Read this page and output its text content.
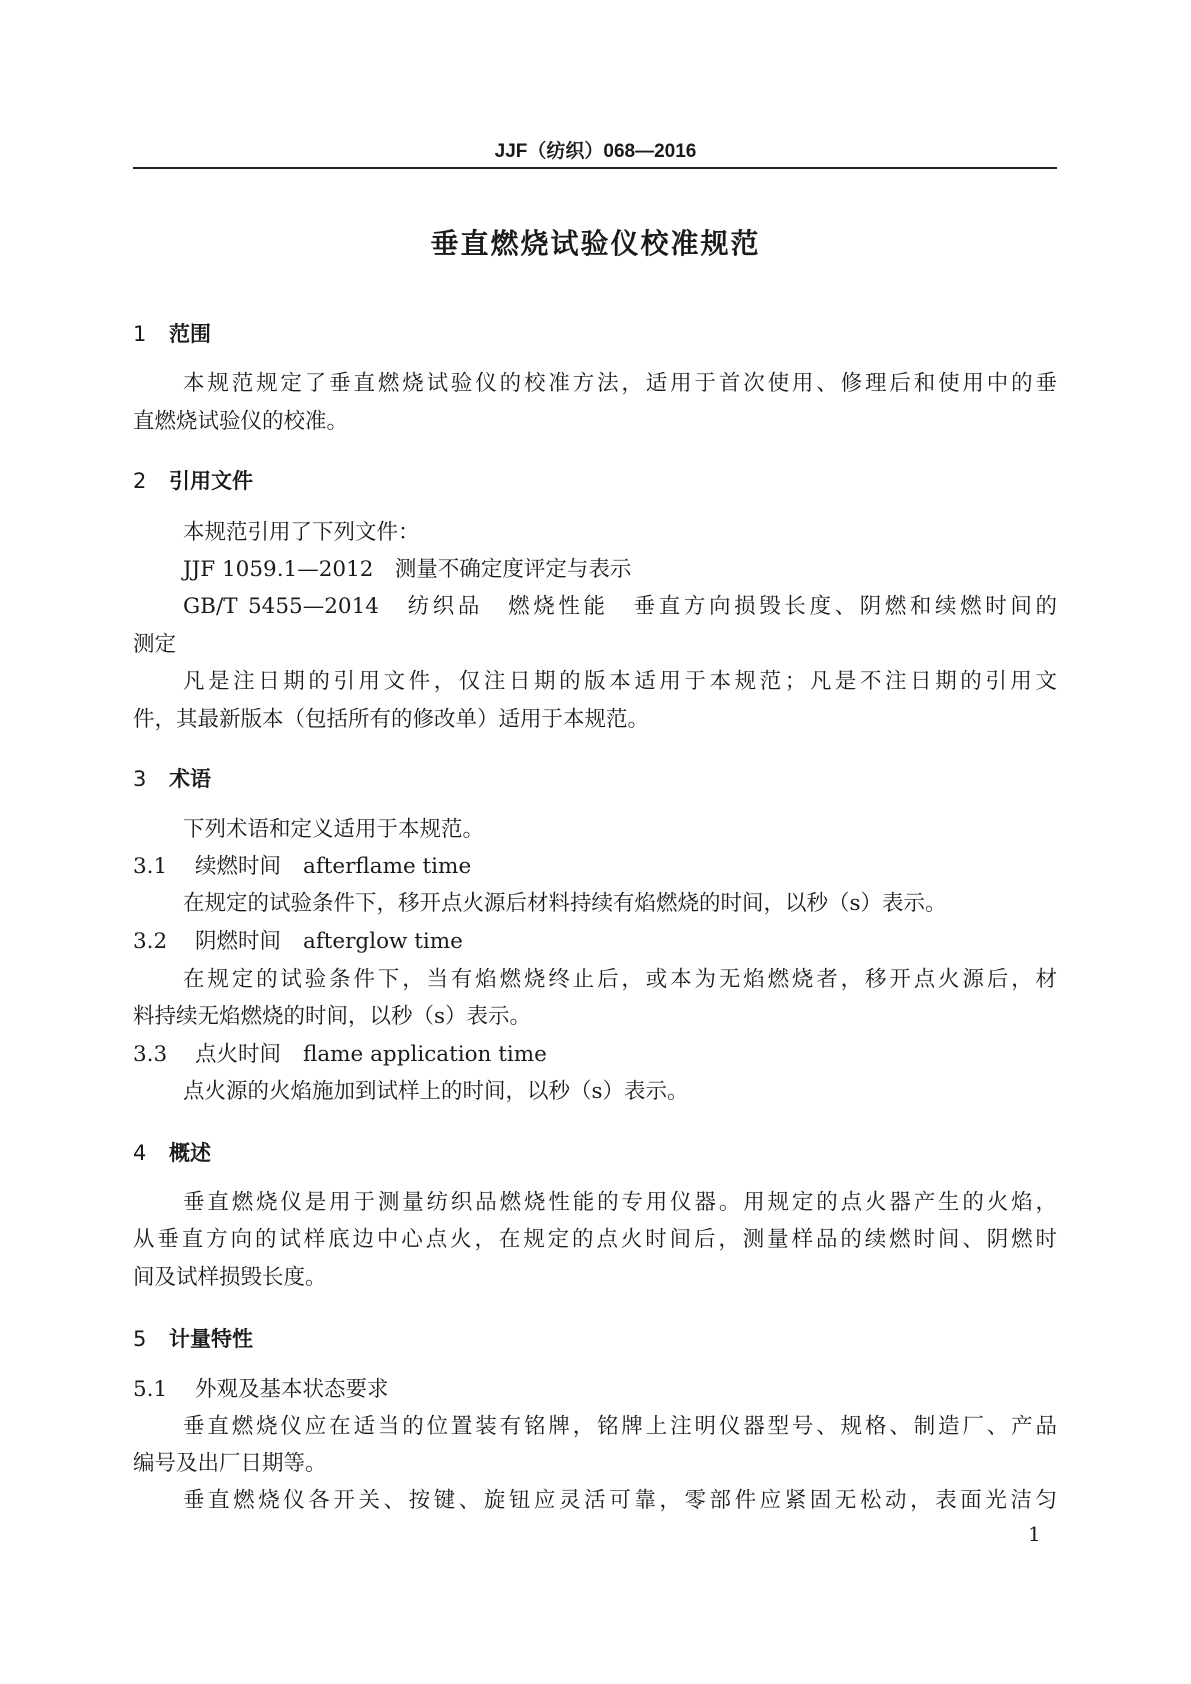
JJF（纺织）068—2016
垂直燃烧试验仪校准规范
1 范围
本规范规定了垂直燃烧试验仪的校准方法，适用于首次使用、修理后和使用中的垂
直燃烧试验仪的校准。
2 引用文件
本规范引用了下列文件：
JJF 1059.1—2012　测量不确定度评定与表示
GB/T 5455—2014　纺织品　燃烧性能　垂直方向损毁长度、阴燃和续燃时间的
测定
凡是注日期的引用文件，仅注日期的版本适用于本规范；凡是不注日期的引用文
件，其最新版本（包括所有的修改单）适用于本规范。
3 术语
下列术语和定义适用于本规范。
3.1 续燃时间 afterflame time
在规定的试验条件下，移开点火源后材料持续有焰燃烧的时间，以秒（s）表示。
3.2 阴燃时间 afterglow time
在规定的试验条件下，当有焰燃烧终止后，或本为无焰燃烧者，移开点火源后，材
料持续无焰燃烧的时间，以秒（s）表示。
3.3 点火时间 flame application time
点火源的火焰施加到试样上的时间，以秒（s）表示。
4 概述
垂直燃烧仪是用于测量纺织品燃烧性能的专用仪器。用规定的点火器产生的火焰，
从垂直方向的试样底边中心点火，在规定的点火时间后，测量样品的续燃时间、阴燃时
间及试样损毁长度。
5 计量特性
5.1 外观及基本状态要求
垂直燃烧仪应在适当的位置装有铭牌，铭牌上注明仪器型号、规格、制造厂、产品
编号及出厂日期等。
垂直燃烧仪各开关、按键、旋钮应灵活可靠，零部件应紧固无松动，表面光洁匀
1
